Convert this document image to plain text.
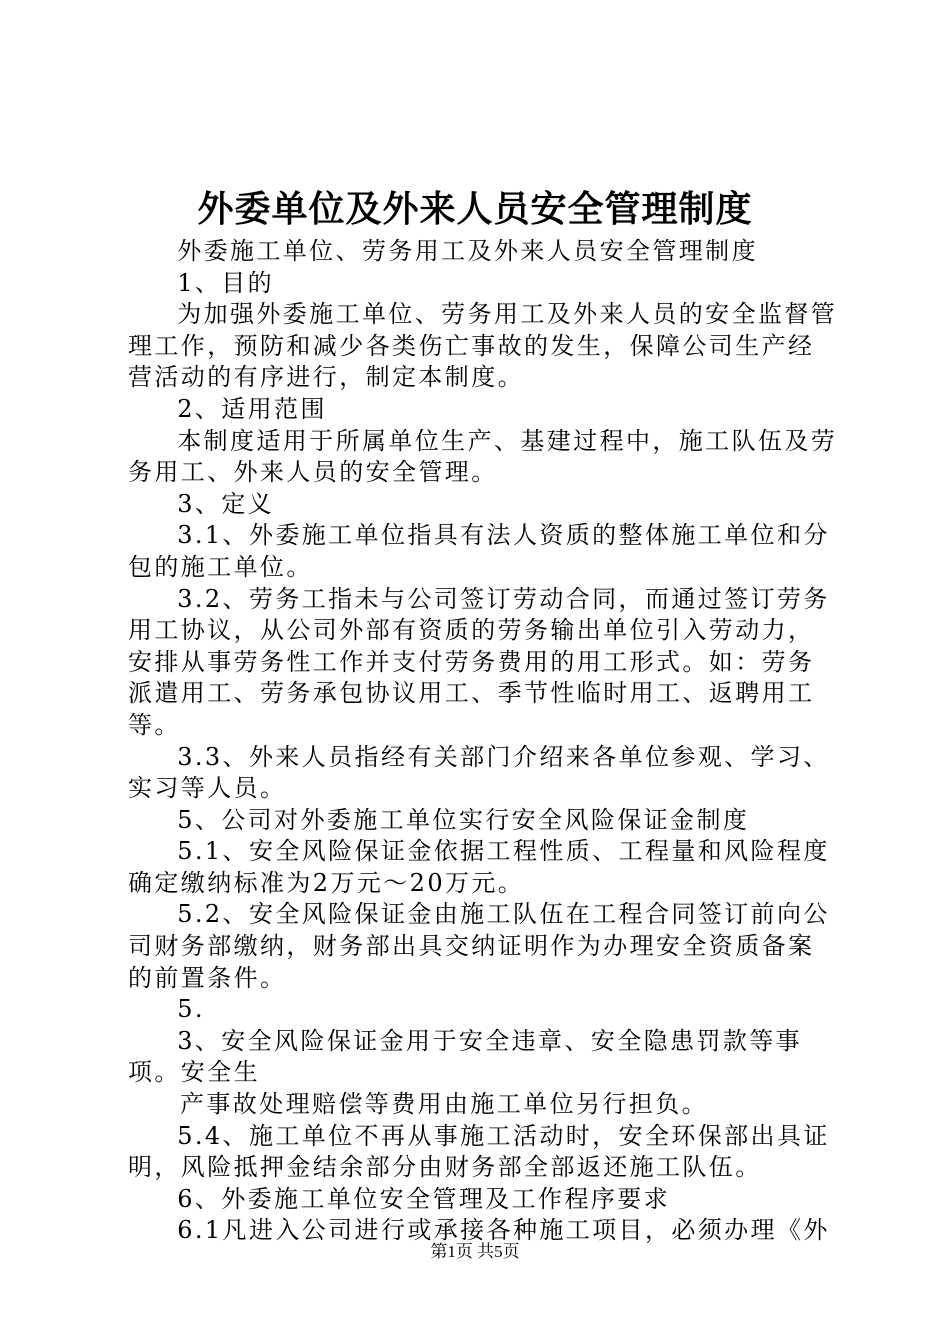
外委单位及外来人员安全管理制度

外委施工单位、劳务用工及外来人员安全管理制度

1、目的

为加强外委施工单位、劳务用工及外来人员的安全监督管理工作，预防和减少各类伤亡事故的发生，保障公司生产经营活动的有序进行，制定本制度。

2、适用范围

本制度适用于所属单位生产、基建过程中，施工队伍及劳务用工、外来人员的安全管理。

3、定义

3.1、外委施工单位指具有法人资质的整体施工单位和分包的施工单位。

3.2、劳务工指未与公司签订劳动合同，而通过签订劳务用工协议，从公司外部有资质的劳务输出单位引入劳动力，安排从事劳务性工作并支付劳务费用的用工形式。如：劳务派遣用工、劳务承包协议用工、季节性临时用工、返聘用工等。

3.3、外来人员指经有关部门介绍来各单位参观、学习、实习等人员。

5、公司对外委施工单位实行安全风险保证金制度

5.1、安全风险保证金依据工程性质、工程量和风险程度确定缴纳标准为2万元～20万元。

5.2、安全风险保证金由施工队伍在工程合同签订前向公司财务部缴纳，财务部出具交纳证明作为办理安全资质备案的前置条件。

5.

3、安全风险保证金用于安全违章、安全隐患罚款等事项。安全生

产事故处理赔偿等费用由施工单位另行担负。

5.4、施工单位不再从事施工活动时，安全环保部出具证明，风险抵押金结余部分由财务部全部返还施工队伍。

6、外委施工单位安全管理及工作程序要求

6.1凡进入公司进行或承接各种施工项目，必须办理《外

第1页 共5页
